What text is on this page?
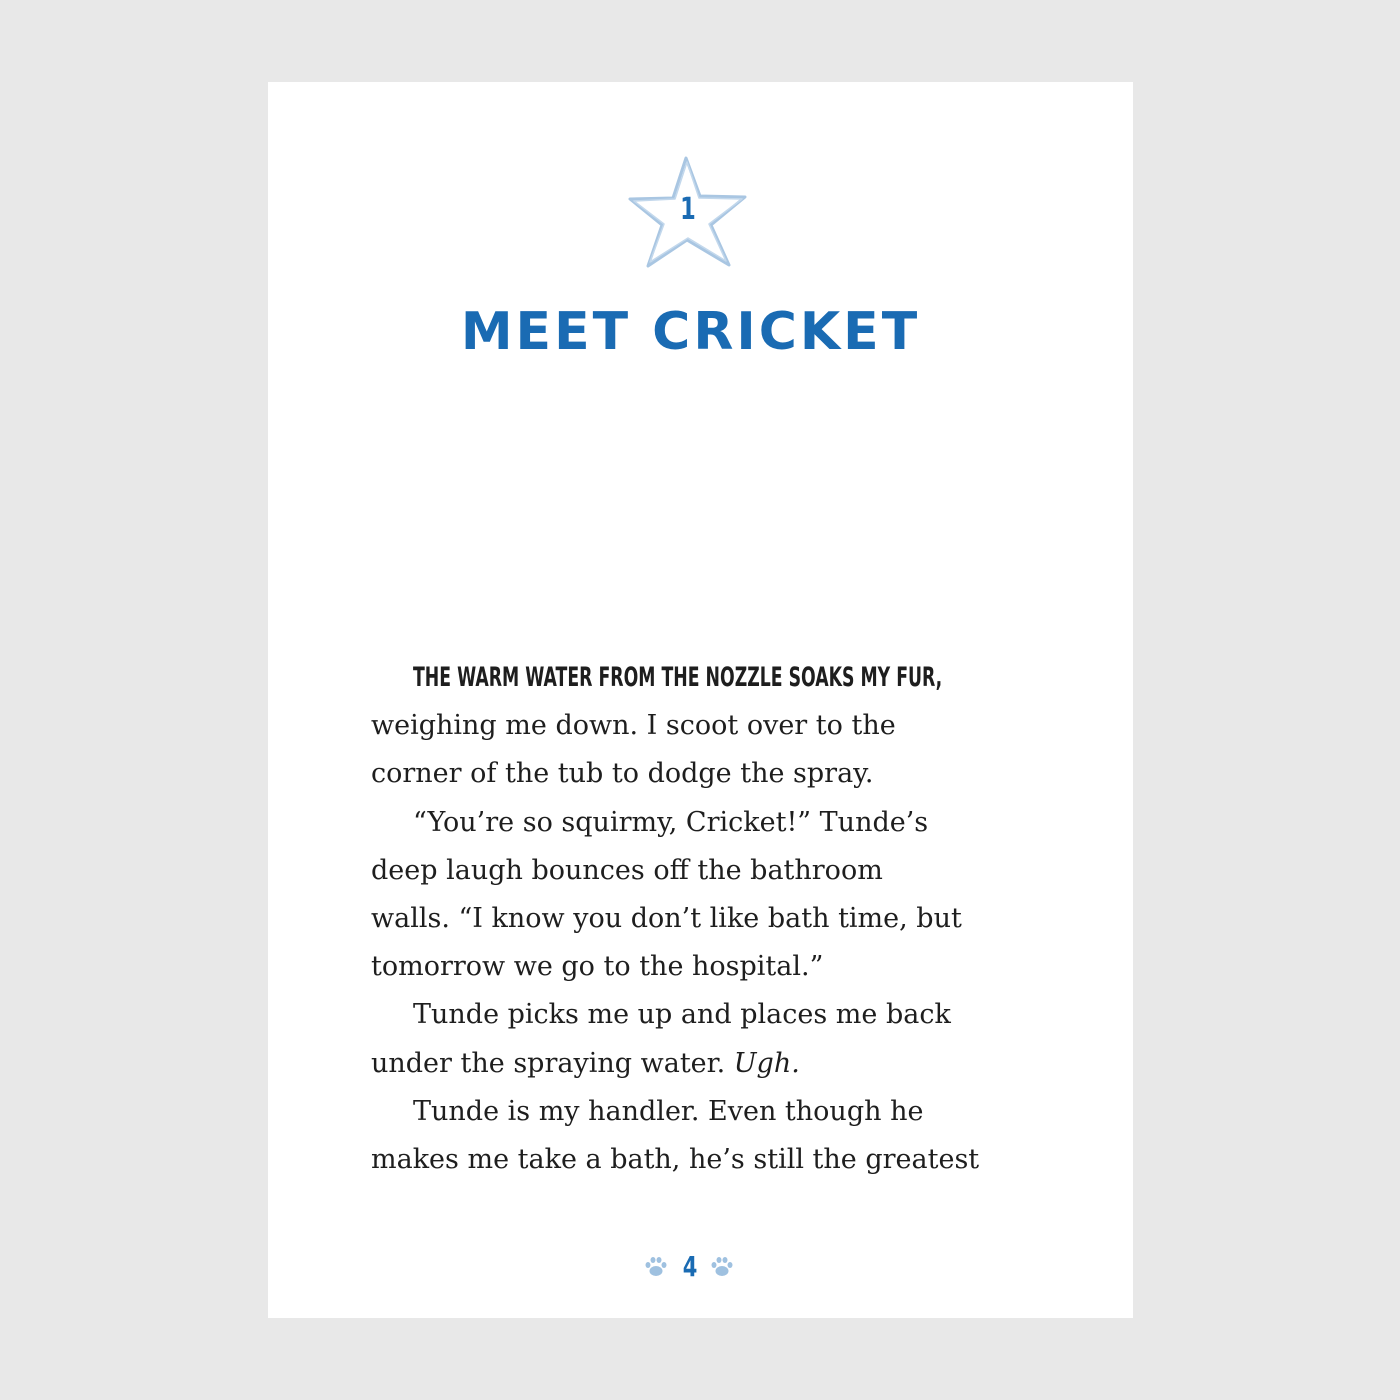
1
MEET CRICKET
THE WARM WATER FROM THE NOZZLE SOAKS MY FUR,
weighing me down. I scoot over to the
corner of the tub to dodge the spray.
“You’re so squirmy, Cricket!” Tunde’s
deep laugh bounces off the bathroom
walls. “I know you don’t like bath time, but
tomorrow we go to the hospital.”
Tunde picks me up and places me back
under the spraying water. Ugh.
Tunde is my handler. Even though he
makes me take a bath, he’s still the greatest
4
